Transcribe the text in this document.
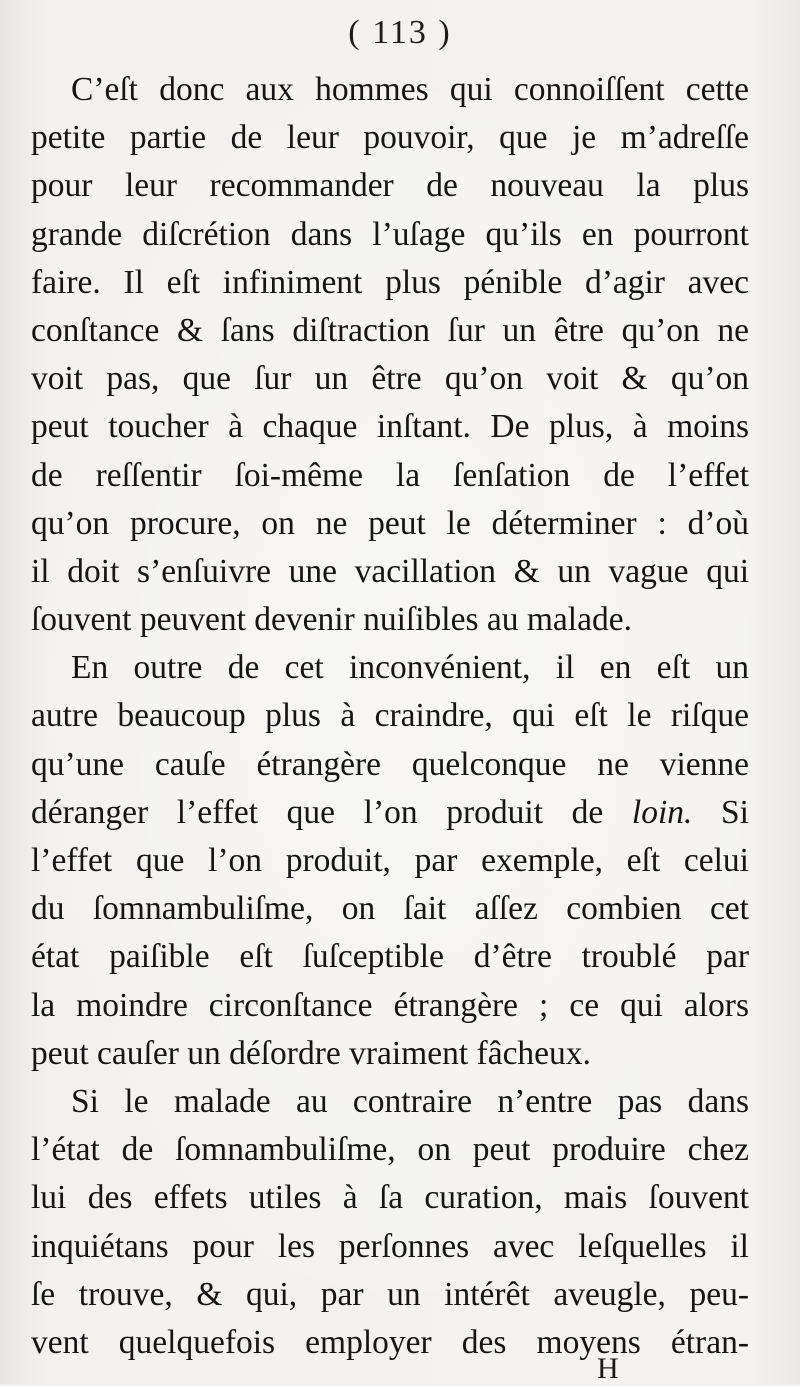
( 113 )
C’eſt donc aux hommes qui connoiſſent cette
petite partie de leur pouvoir, que je m’adreſſe
pour leur recommander de nouveau la plus
grande diſcrétion dans l’uſage qu’ils en pourront
faire. Il eſt infiniment plus pénible d’agir avec
conſtance & ſans diſtraction ſur un être qu’on ne
voit pas, que ſur un être qu’on voit & qu’on
peut toucher à chaque inſtant. De plus, à moins
de reſſentir ſoi-même la ſenſation de l’effet
qu’on procure, on ne peut le déterminer : d’où
il doit s’enſuivre une vacillation & un vague qui
ſouvent peuvent devenir nuiſibles au malade.
En outre de cet inconvénient, il en eſt un
autre beaucoup plus à craindre, qui eſt le riſque
qu’une cauſe étrangère quelconque ne vienne
déranger l’effet que l’on produit de loin. Si
l’effet que l’on produit, par exemple, eſt celui
du ſomnambuliſme, on ſait aſſez combien cet
état paiſible eſt ſuſceptible d’être troublé par
la moindre circonſtance étrangère ; ce qui alors
peut cauſer un déſordre vraiment fâcheux.
Si le malade au contraire n’entre pas dans
l’état de ſomnambuliſme, on peut produire chez
lui des effets utiles à ſa curation, mais ſouvent
inquiétans pour les perſonnes avec leſquelles il
ſe trouve, & qui, par un intérêt aveugle, peu-
vent quelquefois employer des moyens étran-
H
